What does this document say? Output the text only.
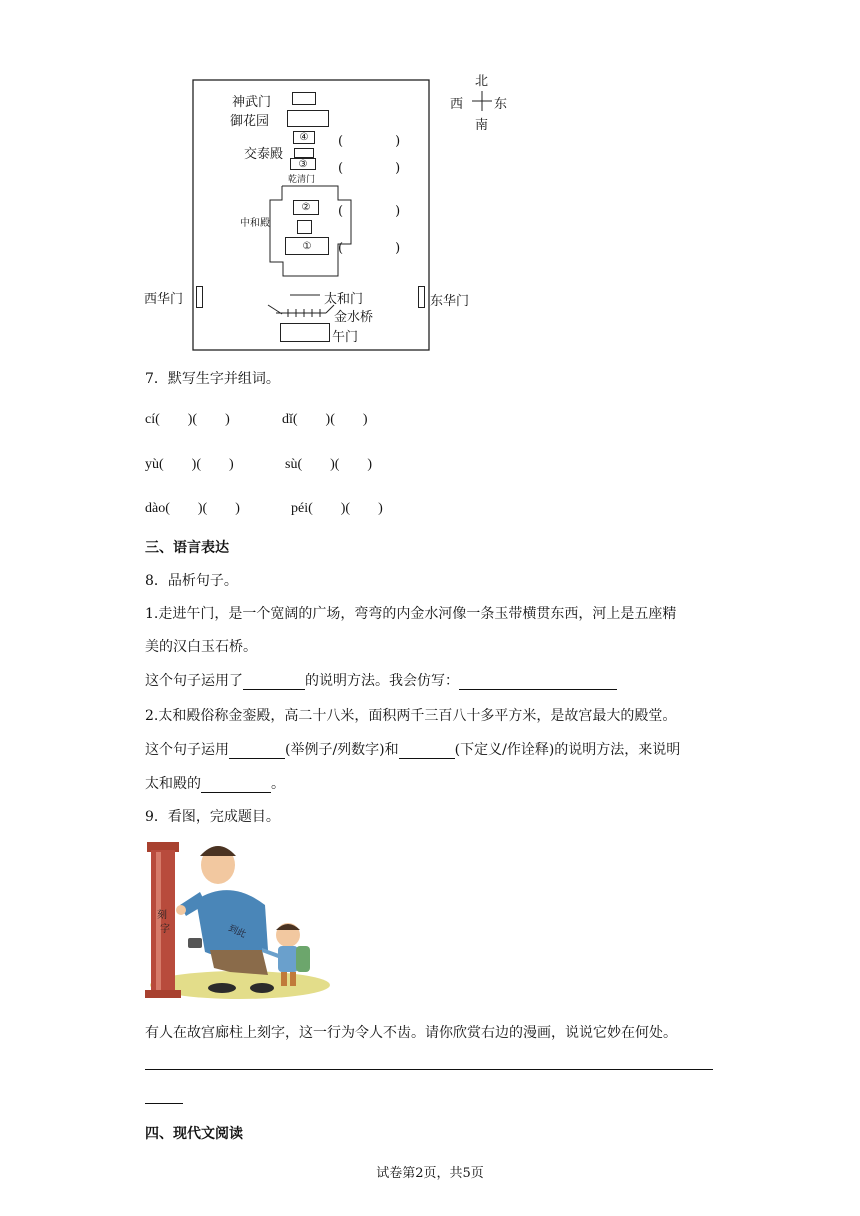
④
③
②
①
神武门
御花园
交泰殿
乾清门
中和殿
太和门
金水桥
午门
西华门	东华门
(　　　　)
(　　　　)
(　　　　)
(　　　　)
北
南
东
西
7．默写生字并组词。
cí(　　)(　　)	dǐ(　　)(　　)
yù(　　)(　　)	sù(　　)(　　)
dào(　　)(　　)	péi(　　)(　　)
三、语言表达
8．品析句子。
1.走进午门，是一个宽阔的广场，弯弯的内金水河像一条玉带横贯东西，河上是五座精
美的汉白玉石桥。
这个句子运用了	的说明方法。我会仿写：
2.太和殿俗称金銮殿，高二十八米，面积两千三百八十多平方米，是故宫最大的殿堂。
这个句子运用	(举例子/列数字)和	(下定义/作诠释)的说明方法，来说明
太和殿的	。
9．看图，完成题目。
刻
字	到此
有人在故宫廊柱上刻字，这一行为令人不齿。请你欣赏右边的漫画，说说它妙在何处。
四、现代文阅读
试卷第2页，共5页
